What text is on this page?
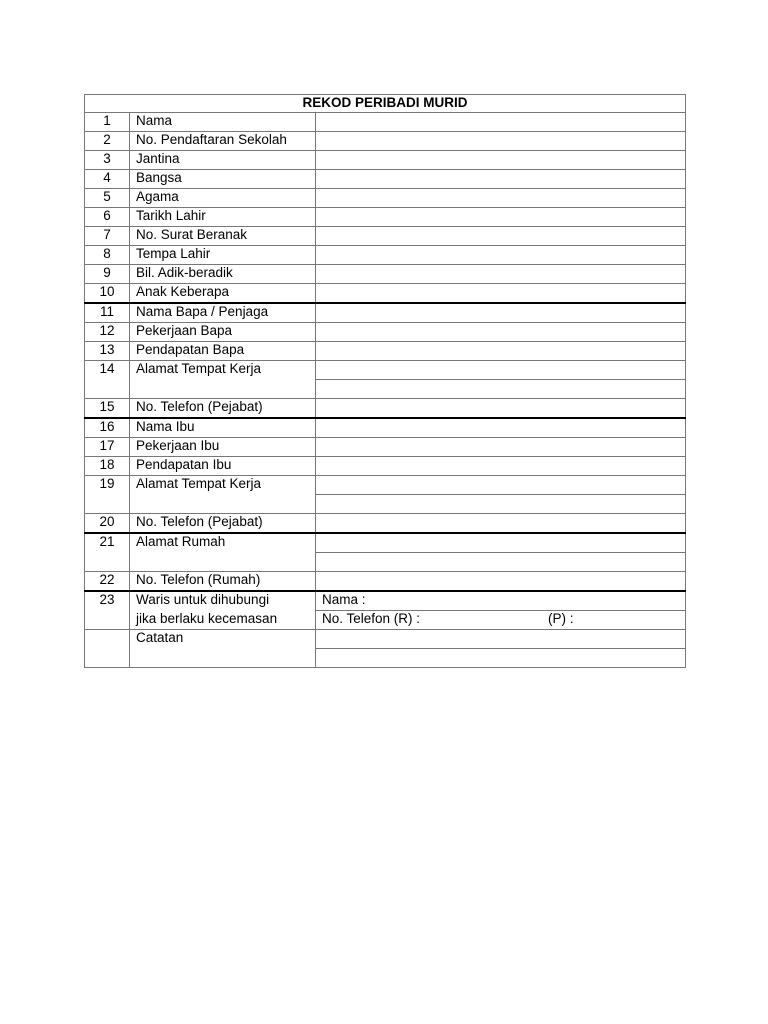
REKOD PERIBADI MURID		
1	Nama	
2	No. Pendaftaran Sekolah	
3	Jantina	
4	Bangsa	
5	Agama	
6	Tarikh Lahir	
7	No. Surat Beranak	
8	Tempa Lahir	
9	Bil. Adik-beradik	
10	Anak Keberapa	
11	Nama Bapa / Penjaga	
12	Pekerjaan Bapa	
13	Pendapatan Bapa	
14	Alamat Tempat Kerja	

15	No. Telefon (Pejabat)	
16	Nama Ibu	
17	Pekerjaan Ibu	
18	Pendapatan Ibu	
19	Alamat Tempat Kerja	

20	No. Telefon (Pejabat)	
21	Alamat Rumah	

22	No. Telefon (Rumah)	
23	Waris untuk dihubungi	Nama :
	jika berlaku kecemasan	No. Telefon (R) : (P) :

	Catatan	
